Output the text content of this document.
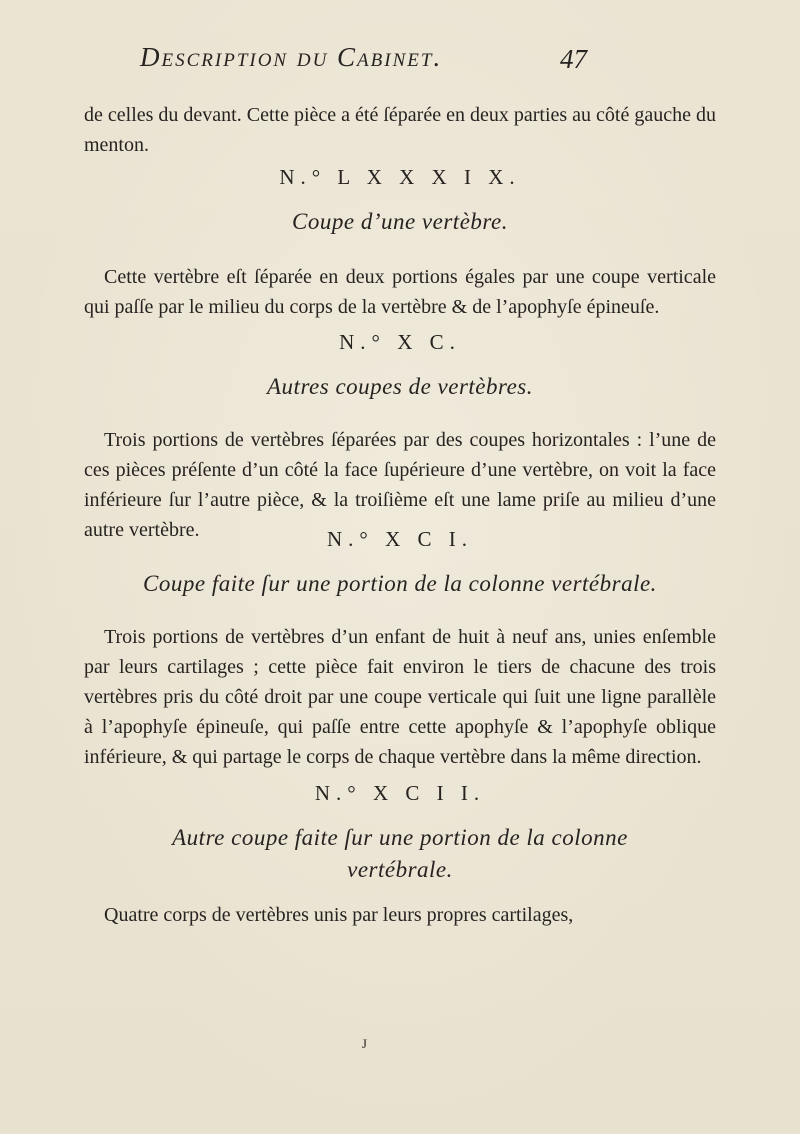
Description du Cabinet.	47

de celles du devant. Cette pièce a été ſéparée en deux parties au côté gauche du menton.

N.° L X X X I X.
Coupe d’une vertèbre.

Cette vertèbre eſt ſéparée en deux portions égales par une coupe verticale qui paſſe par le milieu du corps de la vertèbre & de l’apophyſe épineuſe.

N.° X C.
Autres coupes de vertèbres.

Trois portions de vertèbres ſéparées par des coupes horizontales : l’une de ces pièces préſente d’un côté la face ſupérieure d’une vertèbre, on voit la face inférieure ſur l’autre pièce, & la troiſième eſt une lame priſe au milieu d’une autre vertèbre.	N.° X C I.
Coupe faite ſur une portion de la colonne vertébrale.

Trois portions de vertèbres d’un enfant de huit à neuf ans, unies enſemble par leurs cartilages ; cette pièce fait environ le tiers de chacune des trois vertèbres pris du côté droit par une coupe verticale qui ſuit une ligne parallèle à l’apophyſe épineuſe, qui paſſe entre cette apophyſe & l’apophyſe oblique inférieure, & qui partage le corps de chaque vertèbre dans la même direction.

N.° X C I I.
Autre coupe faite ſur une portion de la colonne
vertébrale.

Quatre corps de vertèbres unis par leurs propres cartilages,

ᴊ
